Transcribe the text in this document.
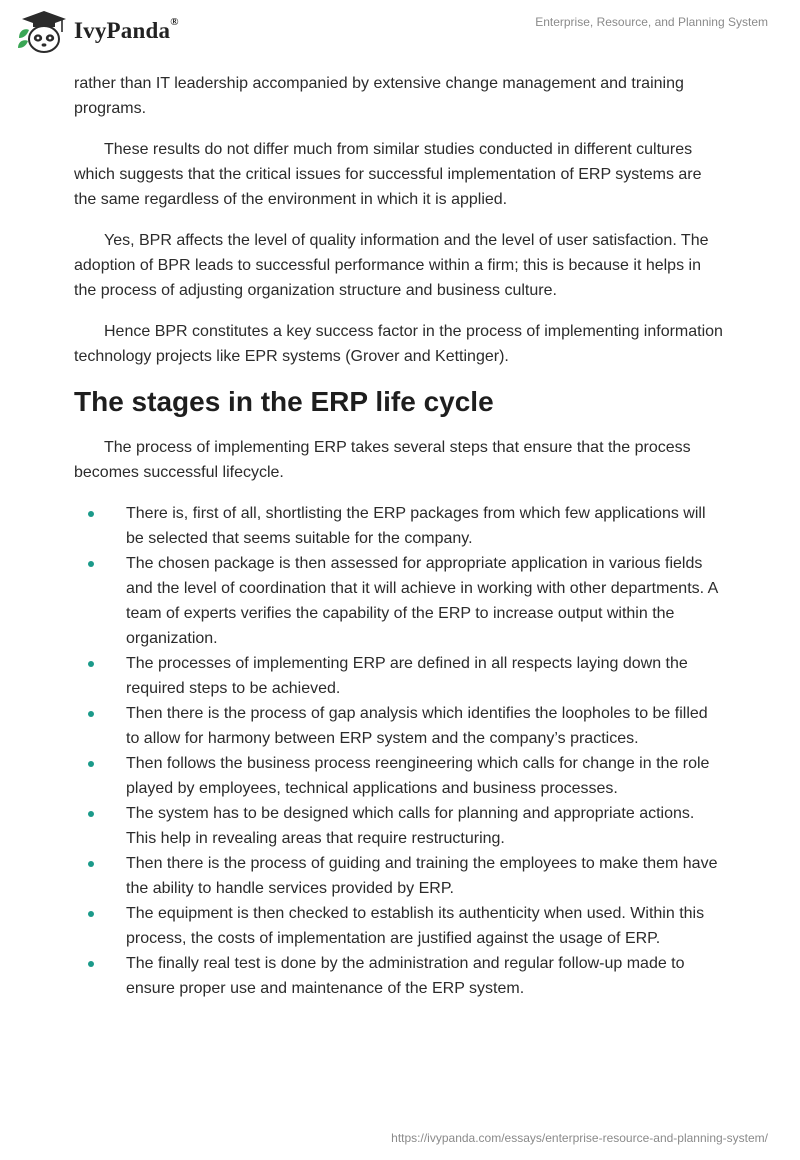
IvyPanda®	Enterprise, Resource, and Planning System

rather than IT leadership accompanied by extensive change management and training programs.

These results do not differ much from similar studies conducted in different cultures which suggests that the critical issues for successful implementation of ERP systems are the same regardless of the environment in which it is applied.

Yes, BPR affects the level of quality information and the level of user satisfaction. The adoption of BPR leads to successful performance within a firm; this is because it helps in the process of adjusting organization structure and business culture.

Hence BPR constitutes a key success factor in the process of implementing information technology projects like EPR systems (Grover and Kettinger).

The stages in the ERP life cycle

The process of implementing ERP takes several steps that ensure that the process becomes successful lifecycle.

There is, first of all, shortlisting the ERP packages from which few applications will be selected that seems suitable for the company.
The chosen package is then assessed for appropriate application in various fields and the level of coordination that it will achieve in working with other departments. A team of experts verifies the capability of the ERP to increase output within the organization.
The processes of implementing ERP are defined in all respects laying down the required steps to be achieved.
Then there is the process of gap analysis which identifies the loopholes to be filled to allow for harmony between ERP system and the company’s practices.
Then follows the business process reengineering which calls for change in the role played by employees, technical applications and business processes.
The system has to be designed which calls for planning and appropriate actions. This help in revealing areas that require restructuring.
Then there is the process of guiding and training the employees to make them have the ability to handle services provided by ERP.
The equipment is then checked to establish its authenticity when used. Within this process, the costs of implementation are justified against the usage of ERP.
The finally real test is done by the administration and regular follow-up made to ensure proper use and maintenance of the ERP system.
https://ivypanda.com/essays/enterprise-resource-and-planning-system/
